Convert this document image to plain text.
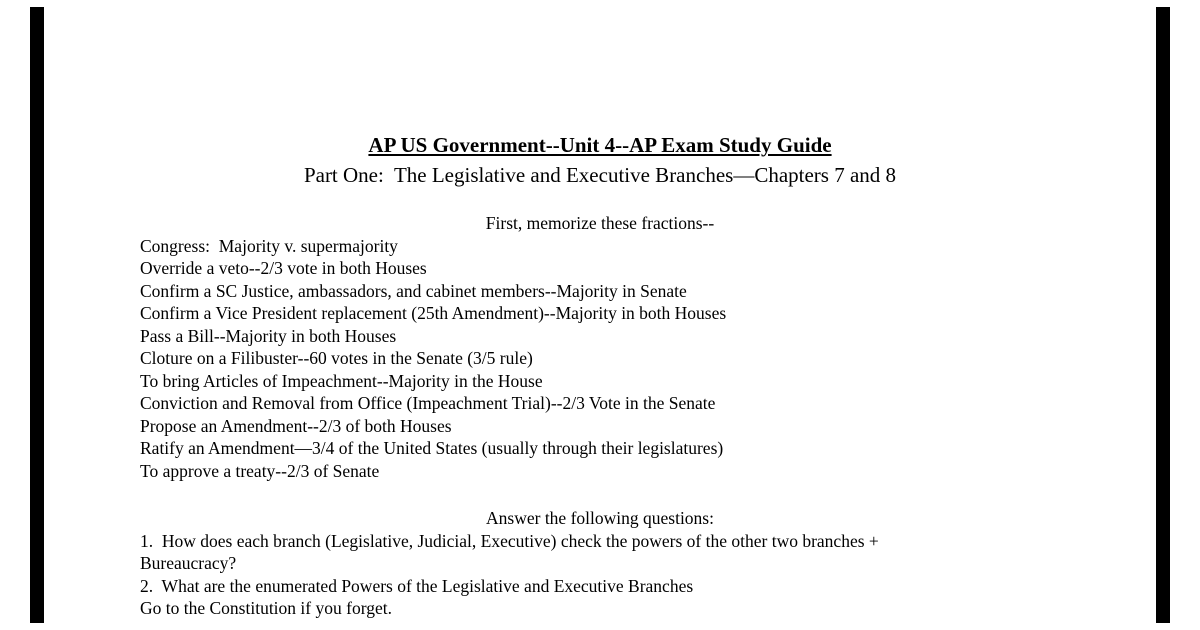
AP US Government--Unit 4--AP Exam Study Guide
Part One:  The Legislative and Executive Branches—Chapters 7 and 8
First, memorize these fractions--
Congress:  Majority v. supermajority
Override a veto--2/3 vote in both Houses
Confirm a SC Justice, ambassadors, and cabinet members--Majority in Senate
Confirm a Vice President replacement (25th Amendment)--Majority in both Houses
Pass a Bill--Majority in both Houses
Cloture on a Filibuster--60 votes in the Senate (3/5 rule)
To bring Articles of Impeachment--Majority in the House
Conviction and Removal from Office (Impeachment Trial)--2/3 Vote in the Senate
Propose an Amendment--2/3 of both Houses
Ratify an Amendment—3/4 of the United States (usually through their legislatures)
To approve a treaty--2/3 of Senate
Answer the following questions:
1.  How does each branch (Legislative, Judicial, Executive) check the powers of the other two branches +
Bureaucracy?
2.  What are the enumerated Powers of the Legislative and Executive Branches
Go to the Constitution if you forget.
